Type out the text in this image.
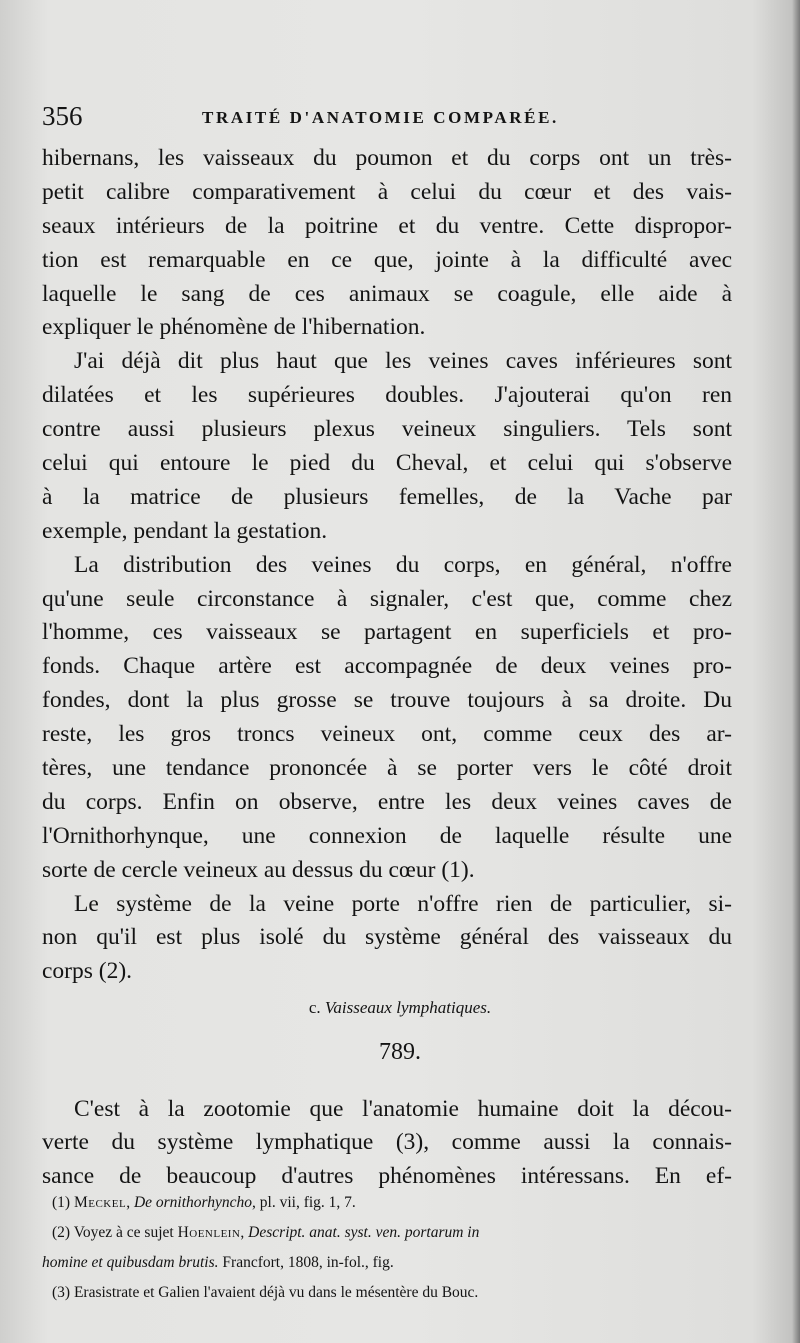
356	TRAITÉ D'ANATOMIE COMPARÉE.

hibernans, les vaisseaux du poumon et du corps ont un très-
petit calibre comparativement à celui du cœur et des vais-
seaux intérieurs de la poitrine et du ventre. Cette dispropor-
tion est remarquable en ce que, jointe à la difficulté avec
laquelle le sang de ces animaux se coagule, elle aide à
expliquer le phénomène de l'hibernation.

J'ai déjà dit plus haut que les veines caves inférieures sont
dilatées et les supérieures doubles. J'ajouterai qu'on ren
contre aussi plusieurs plexus veineux singuliers. Tels sont
celui qui entoure le pied du Cheval, et celui qui s'observe
à la matrice de plusieurs femelles, de la Vache par
exemple, pendant la gestation.

La distribution des veines du corps, en général, n'offre
qu'une seule circonstance à signaler, c'est que, comme chez
l'homme, ces vaisseaux se partagent en superficiels et pro-
fonds. Chaque artère est accompagnée de deux veines pro-
fondes, dont la plus grosse se trouve toujours à sa droite. Du
reste, les gros troncs veineux ont, comme ceux des ar-
tères, une tendance prononcée à se porter vers le côté droit
du corps. Enfin on observe, entre les deux veines caves de
l'Ornithorhynque, une connexion de laquelle résulte une
sorte de cercle veineux au dessus du cœur (1).

Le système de la veine porte n'offre rien de particulier, si-
non qu'il est plus isolé du système général des vaisseaux du
corps (2).

c. Vaisseaux lymphatiques.
789.

C'est à la zootomie que l'anatomie humaine doit la décou-
verte du système lymphatique (3), comme aussi la connais-
sance de beaucoup d'autres phénomènes intéressans. En ef-

(1) Meckel, De ornithorhyncho, pl. vii, fig. 1, 7.
(2) Voyez à ce sujet Hoenlein, Descript. anat. syst. ven. portarum in
homine et quibusdam brutis. Francfort, 1808, in-fol., fig.
(3) Erasistrate et Galien l'avaient déjà vu dans le mésentère du Bouc.
